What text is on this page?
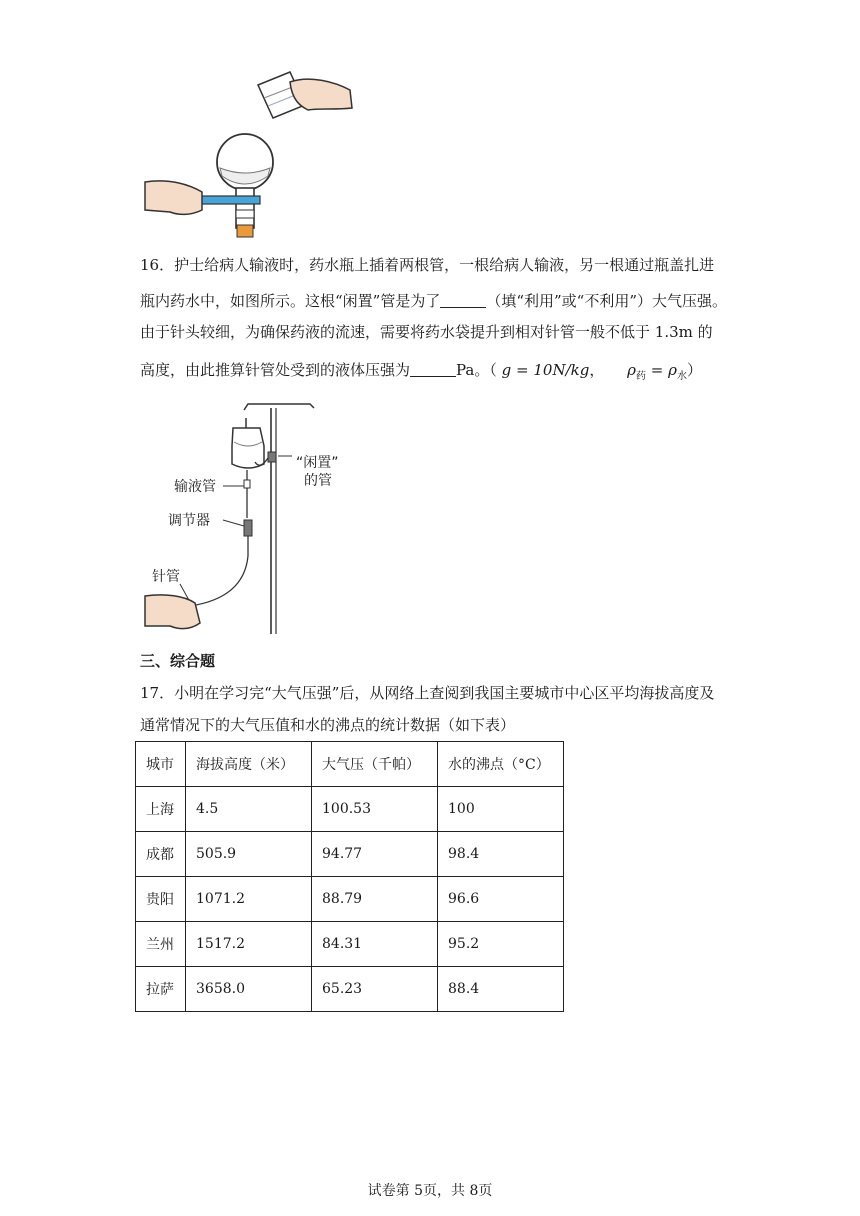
16．护士给病人输液时，药水瓶上插着两根管，一根给病人输液，另一根通过瓶盖扎进
瓶内药水中，如图所示。这根“闲置”管是为了	（填“利用”或“不利用”）大气压强。
由于针头较细，为确保药液的流速，需要将药水袋提升到相对针管一般不低于 1.3m 的
高度，由此推算针管处受到的液体压强为	Pa。（ g = 10N/kg， $\rho_药 = \rho_水$）
“闲置”
的管
输液管
调节器
针管
三、综合题
17．小明在学习完“大气压强”后，从网络上查阅到我国主要城市中心区平均海拔高度及
通常情况下的大气压值和水的沸点的统计数据（如下表）
城市	海拔高度（米）	大气压（千帕）	水的沸点（°C）
上海	4.5	100.53	100
成都	505.9	94.77	98.4
贵阳	1071.2	88.79	96.6
兰州	1517.2	84.31	95.2
拉萨	3658.0	65.23	88.4
试卷第 5页，共 8页
